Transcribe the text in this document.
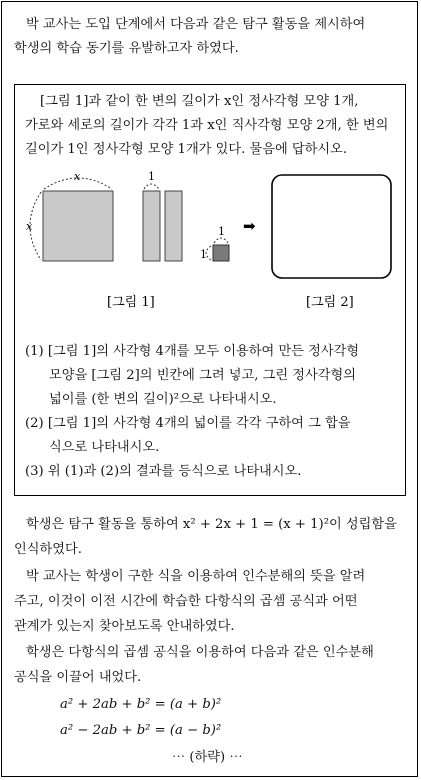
박 교사는 도입 단계에서 다음과 같은 탐구 활동을 제시하여
학생의 학습 동기를 유발하고자 하였다.
[그림 1]과 같이 한 변의 길이가 x인 정사각형 모양 1개,
가로와 세로의 길이가 각각 1과 x인 직사각형 모양 2개, 한 변의
길이가 1인 정사각형 모양 1개가 있다. 물음에 답하시오.
x
x
1
1
1
➡
[그림 1]	[그림 2]
(1) [그림 1]의 사각형 4개를 모두 이용하여 만든 정사각형
모양을 [그림 2]의 빈칸에 그려 넣고, 그린 정사각형의
넓이를 (한 변의 길이)²으로 나타내시오.
(2) [그림 1]의 사각형 4개의 넓이를 각각 구하여 그 합을
식으로 나타내시오.
(3) 위 (1)과 (2)의 결과를 등식으로 나타내시오.
학생은 탐구 활동을 통하여 x² + 2x + 1 = (x + 1)²이 성립함을
인식하였다.
박 교사는 학생이 구한 식을 이용하여 인수분해의 뜻을 알려
주고, 이것이 이전 시간에 학습한 다항식의 곱셈 공식과 어떤
관계가 있는지 찾아보도록 안내하였다.
학생은 다항식의 곱셈 공식을 이용하여 다음과 같은 인수분해
공식을 이끌어 내었다.
a² + 2ab + b² = (a + b)²
a² − 2ab + b² = (a − b)²
⋯ (하략) ⋯
